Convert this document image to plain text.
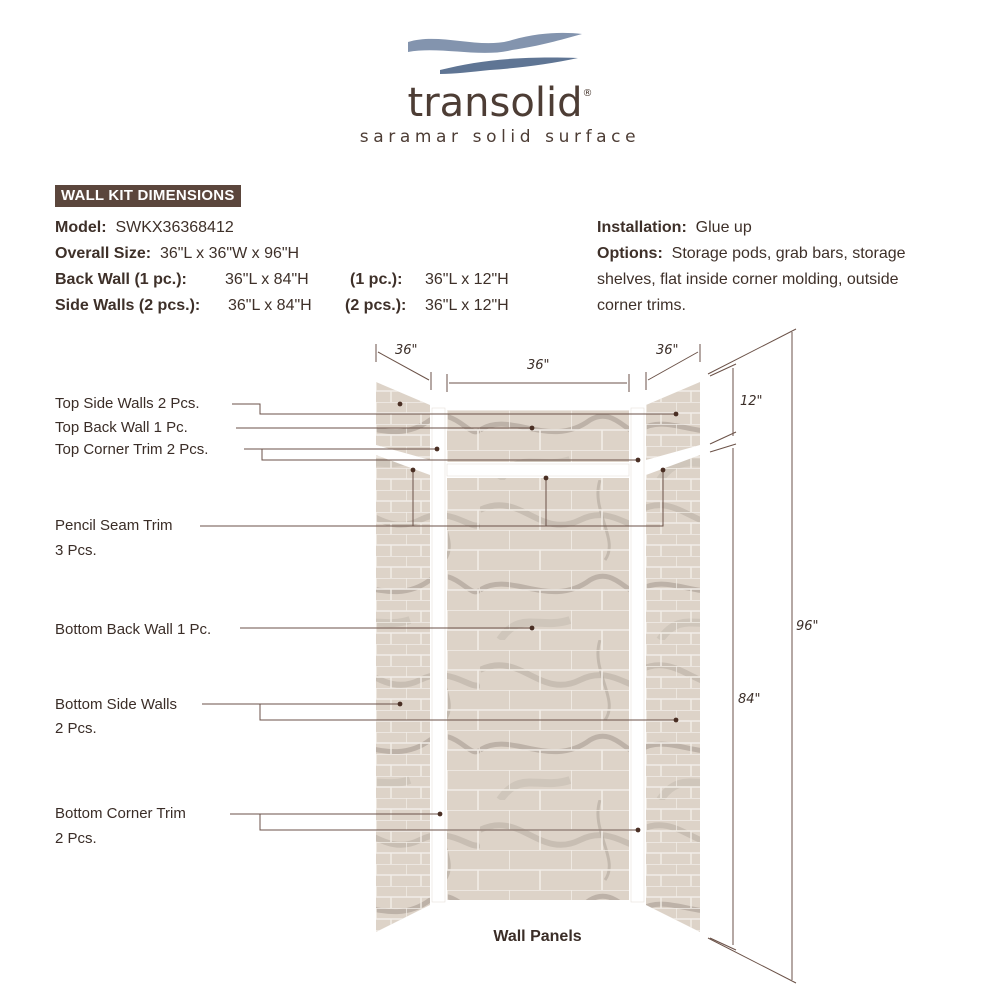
transolid®
saramar solid surface
WALL KIT DIMENSIONS
Model: SWKX36368412
Overall Size: 36"L x 36"W x 96"H
Back Wall (1 pc.): 36"L x 84"H	(1 pc.): 36"L x 12"H
Side Walls (2 pcs.): 36"L x 84"H (2 pcs.): 36"L x 12"H
Installation: Glue up
Options: Storage pods, grab bars, storage
shelves, flat inside corner molding, outside
corner trims.
Top Side Walls 2 Pcs.
Top Back Wall 1 Pc.
Top Corner Trim 2 Pcs.
Pencil Seam Trim
3 Pcs.
Bottom Back Wall 1 Pc.
Bottom Side Walls
2 Pcs.
Bottom Corner Trim
2 Pcs.
36"
36"
36"
12"
84"
96"
Wall Panels
